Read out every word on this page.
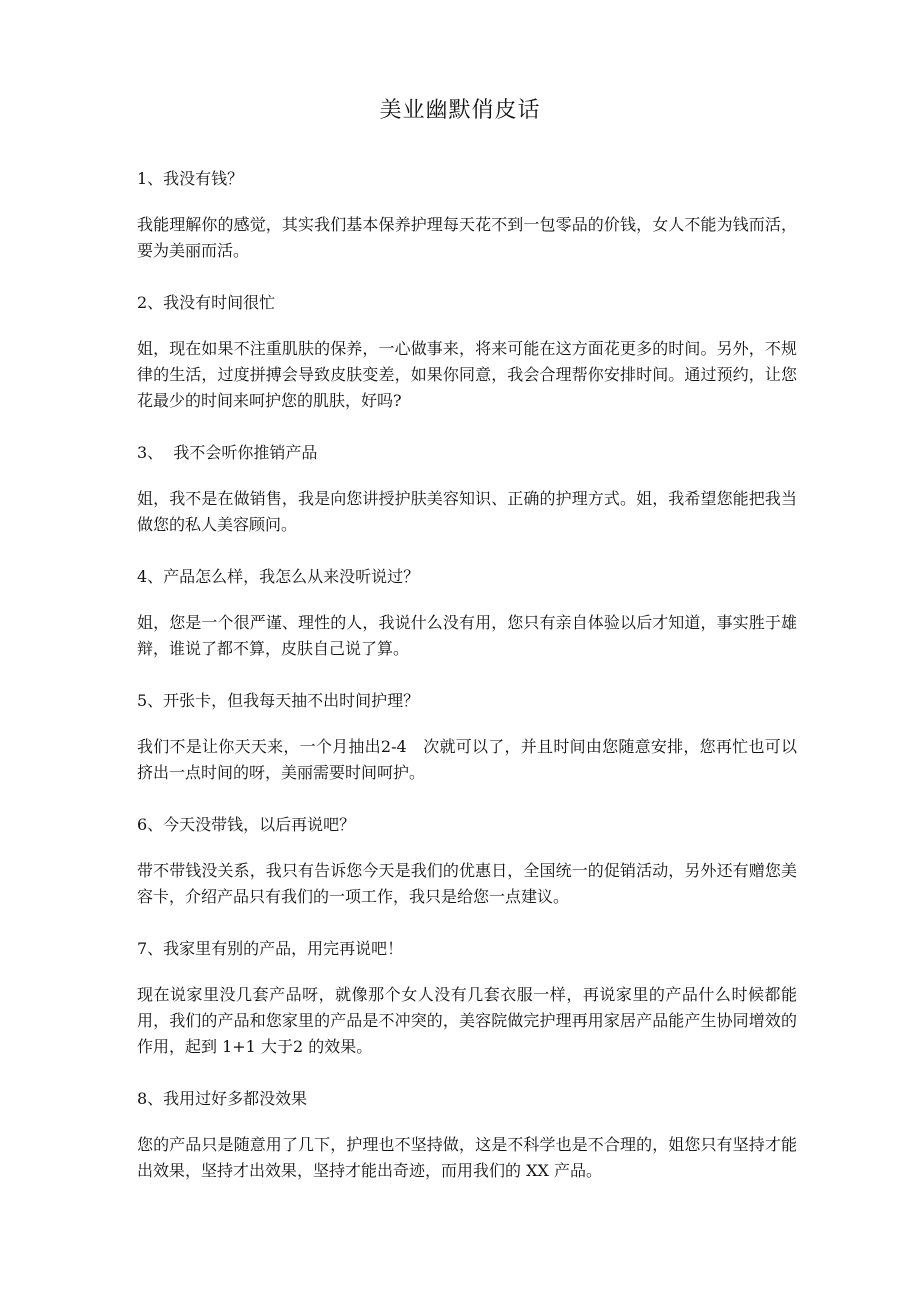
美业幽默俏皮话

1、我没有钱？

我能理解你的感觉，其实我们基本保养护理每天花不到一包零品的价钱，女人不能为钱而活，要为美丽而活。

2、我没有时间很忙

姐，现在如果不注重肌肤的保养，一心做事来，将来可能在这方面花更多的时间。另外，不规律的生活，过度拼搏会导致皮肤变差，如果你同意，我会合理帮你安排时间。通过预约，让您花最少的时间来呵护您的肌肤，好吗?

3、  我不会听你推销产品

姐，我不是在做销售，我是向您讲授护肤美容知识、正确的护理方式。姐，我希望您能把我当做您的私人美容顾问。

4、产品怎么样，我怎么从来没听说过？

姐，您是一个很严谨、理性的人，我说什么没有用，您只有亲自体验以后才知道，事实胜于雄辩，谁说了都不算，皮肤自己说了算。

5、开张卡，但我每天抽不出时间护理？

我们不是让你天天来，一个月抽出2-4　次就可以了，并且时间由您随意安排，您再忙也可以挤出一点时间的呀，美丽需要时间呵护。

6、今天没带钱，以后再说吧？

带不带钱没关系，我只有告诉您今天是我们的优惠日，全国统一的促销活动，另外还有赠您美容卡，介绍产品只有我们的一项工作，我只是给您一点建议。

7、我家里有别的产品，用完再说吧！

现在说家里没几套产品呀，就像那个女人没有几套衣服一样，再说家里的产品什么时候都能用，我们的产品和您家里的产品是不冲突的，美容院做完护理再用家居产品能产生协同增效的作用，起到 1+1 大于2 的效果。

8、我用过好多都没效果

您的产品只是随意用了几下，护理也不坚持做，这是不科学也是不合理的，姐您只有坚持才能出效果，坚持才出效果，坚持才能出奇迹，而用我们的 XX 产品。
